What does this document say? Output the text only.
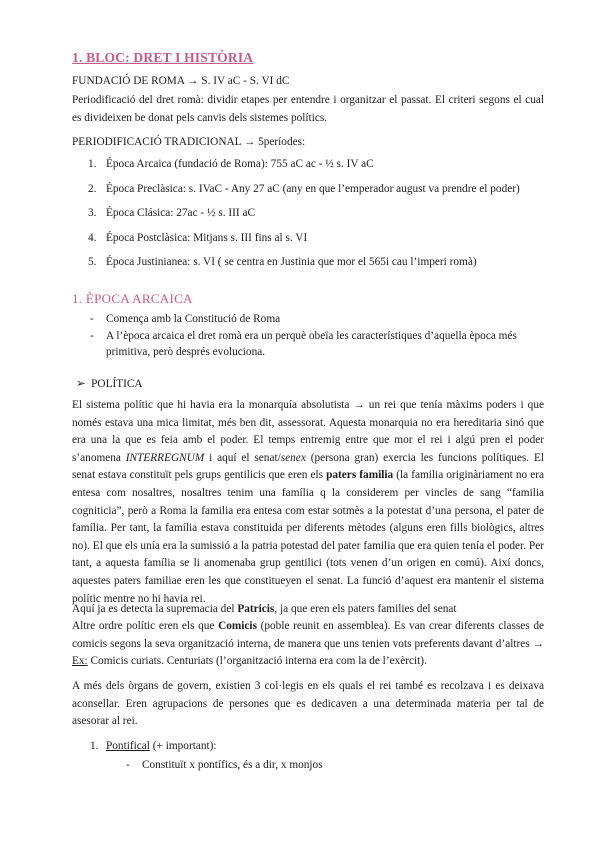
1. BLOC: DRET I HISTÒRIA
FUNDACIÓ DE ROMA → S. IV aC - S. VI dC
Periodificació del dret romà: dividir etapes per entendre i organitzar el passat. El criteri segons el cual es divideixen be donat pels canvis dels sistemes polítics.
PERIODIFICACIÓ TRADICIONAL → 5períodes:
1. Época Arcaica (fundació de Roma): 755 aC ac - ½ s. IV aC
2. Época Preclàsica: s. IVaC - Any 27 aC (any en que l’emperador august va prendre el poder)
3. Época Clásica: 27ac - ½ s. III aC
4. Época Postclàsica: Mitjans s. III fins al s. VI
5. Época Justinianea: s. VI ( se centra en Justinia que mor el 565i cau l’imperi romà)
1. ÈPOCA ARCAICA
- Comença amb la Constitució de Roma
- A l’època arcaica el dret romà era un perquè obeïa les característiques d’aquella època més primitiva, però després evoluciona.
➢ POLÍTICA
El sistema polític que hi havia era la monarquía absolutista → un rei que tenía màxims poders i que només estava una mica limitat, més ben dit, assessorat. Aquesta monarquia no era hereditaria sinó que era una la que es feia amb el poder. El temps entremig entre que mor el rei i algú pren el poder s’anomena INTERREGNUM i aquí el senat/senex (persona gran) exercia les funcions polítiques. El senat estava constituït pels grups gentilicis que eren els paters familia (la familia originàriament no era entesa com nosaltres, nosaltres tenim una família q la considerem per vincles de sang “familia cogniticia”, però a Roma la familia era entesa com estar sotmès a la potestat d’una persona, el pater de família. Per tant, la família estava constituida per diferents mètodes (alguns eren fills biològics, altres no). El que els unía era la sumissió a la patria potestad del pater familia que era quien tenía el poder. Per tant, a aquesta família se li anomenaba grup gentilici (tots venen d’un origen en comú). Així doncs, aquestes paters familiae eren les que constitueyen el senat. La funció d’aquest era mantenir el sistema polític mentre no hi havia rei.
Aquí ja es detecta la supremacia del Patricis, ja que eren els paters families del senat
Altre ordre polític eren els que Comicis (poble reunit en assemblea). Es van crear diferents classes de comicis segons la seva organització interna, de manera que uns tenien vots preferents davant d’altres → Ex: Comicis curiats. Centuriats (l’organització interna era com la de l’exèrcit).
A més dels òrgans de govern, existien 3 col·legis en els quals el rei també es recolzava i es deixava aconsellar. Eren agrupacions de persones que es dedicaven a una determinada materia per tal de asesorar al rei.
1. Pontifical (+ important):
- Constituït x pontífics, és a dir, x monjos
